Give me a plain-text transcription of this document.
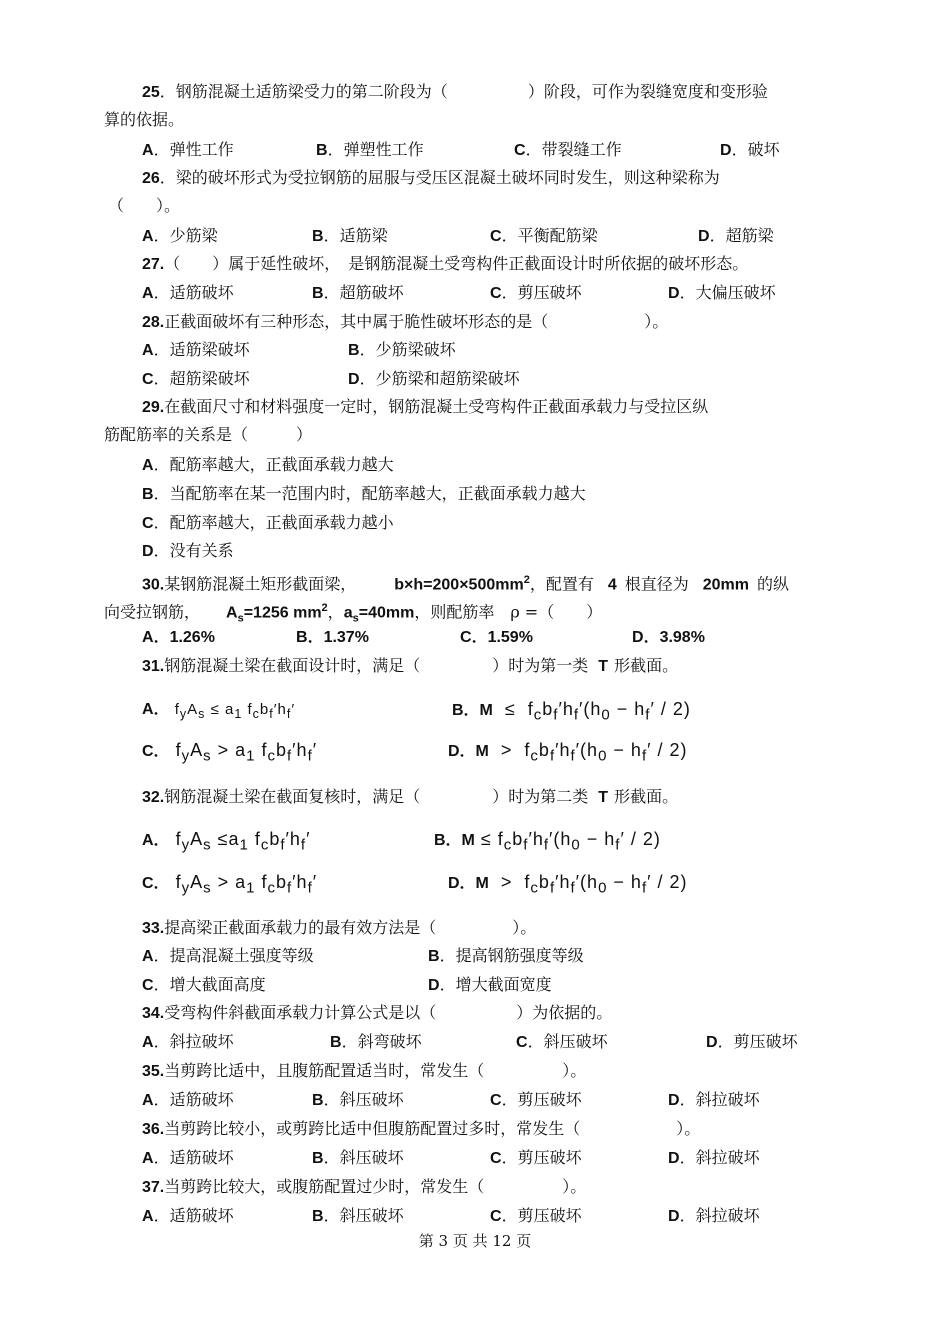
25．钢筋混凝土适筋梁受力的第二阶段为（	）阶段，可作为裂缝宽度和变形验
算的依据。
A．弹性工作	B．弹塑性工作	C．带裂缝工作	D．破坏
26．梁的破坏形式为受拉钢筋的屈服与受压区混凝土破坏同时发生，则这种梁称为
（　　）。
A．少筋梁	B．适筋梁	C．平衡配筋梁	D．超筋梁
27.（　　）属于延性破坏，　是钢筋混凝土受弯构件正截面设计时所依据的破坏形态。
A．适筋破坏	B．超筋破坏	C．剪压破坏	D．大偏压破坏
28.正截面破坏有三种形态，其中属于脆性破坏形态的是（	）。
A．适筋梁破坏	B．少筋梁破坏
C．超筋梁破坏	D．少筋梁和超筋梁破坏
29.在截面尺寸和材料强度一定时，钢筋混凝土受弯构件正截面承载力与受拉区纵
筋配筋率的关系是（　　　）
A．配筋率越大，正截面承载力越大
B．当配筋率在某一范围内时，配筋率越大，正截面承载力越大
C．配筋率越大，正截面承载力越小
D．没有关系
30.某钢筋混凝土矩形截面梁， $b\times h=200\times 500mm^2$，配置有 4 根直径为 20mm 的纵
向受拉钢筋， $A_s=1256$ $mm^2$，$a_s=40mm$，则配筋率　ρ =（　　）
A．1.26%	B．1.37%	C．1.59%	D．3.98%
31.钢筋混凝土梁在截面设计时，满足（	）时为第一类 T 形截面。
A． $f_yA_s \le a_1$ $f_cb_f'h_f'$	B．$M \le f_cb_f'h_f'(h_0 - h_f' / 2)$
C． $f_yA_s > a_1$ $f_cb_f'h_f'$	D．$M > f_cb_f'h_f'(h_0 - h_f' / 2)$
32.钢筋混凝土梁在截面复核时，满足（	）时为第二类 T 形截面。
A． $f_yA_s \le a_1$ $f_cb_f'h_f'$	B．$M \le f_cb_f'h_f'(h_0 - h_f' / 2)$
C． $f_yA_s > a_1$ $f_cb_f'h_f'$	D．$M > f_cb_f'h_f'(h_0 - h_f' / 2)$
33.提高梁正截面承载力的最有效方法是（	）。
A．提高混凝土强度等级	B．提高钢筋强度等级
C．增大截面高度	D．增大截面宽度
34.受弯构件斜截面承载力计算公式是以（	）为依据的。
A．斜拉破坏	B．斜弯破坏	C．斜压破坏	D．剪压破坏
35.当剪跨比适中，且腹筋配置适当时，常发生（	）。
A．适筋破坏	B．斜压破坏	C．剪压破坏	D．斜拉破坏
36.当剪跨比较小，或剪跨比适中但腹筋配置过多时，常发生（	）。
A．适筋破坏	B．斜压破坏	C．剪压破坏	D．斜拉破坏
37.当剪跨比较大，或腹筋配置过少时，常发生（	）。
A．适筋破坏	B．斜压破坏	C．剪压破坏	D．斜拉破坏
第 3 页 共 12 页
